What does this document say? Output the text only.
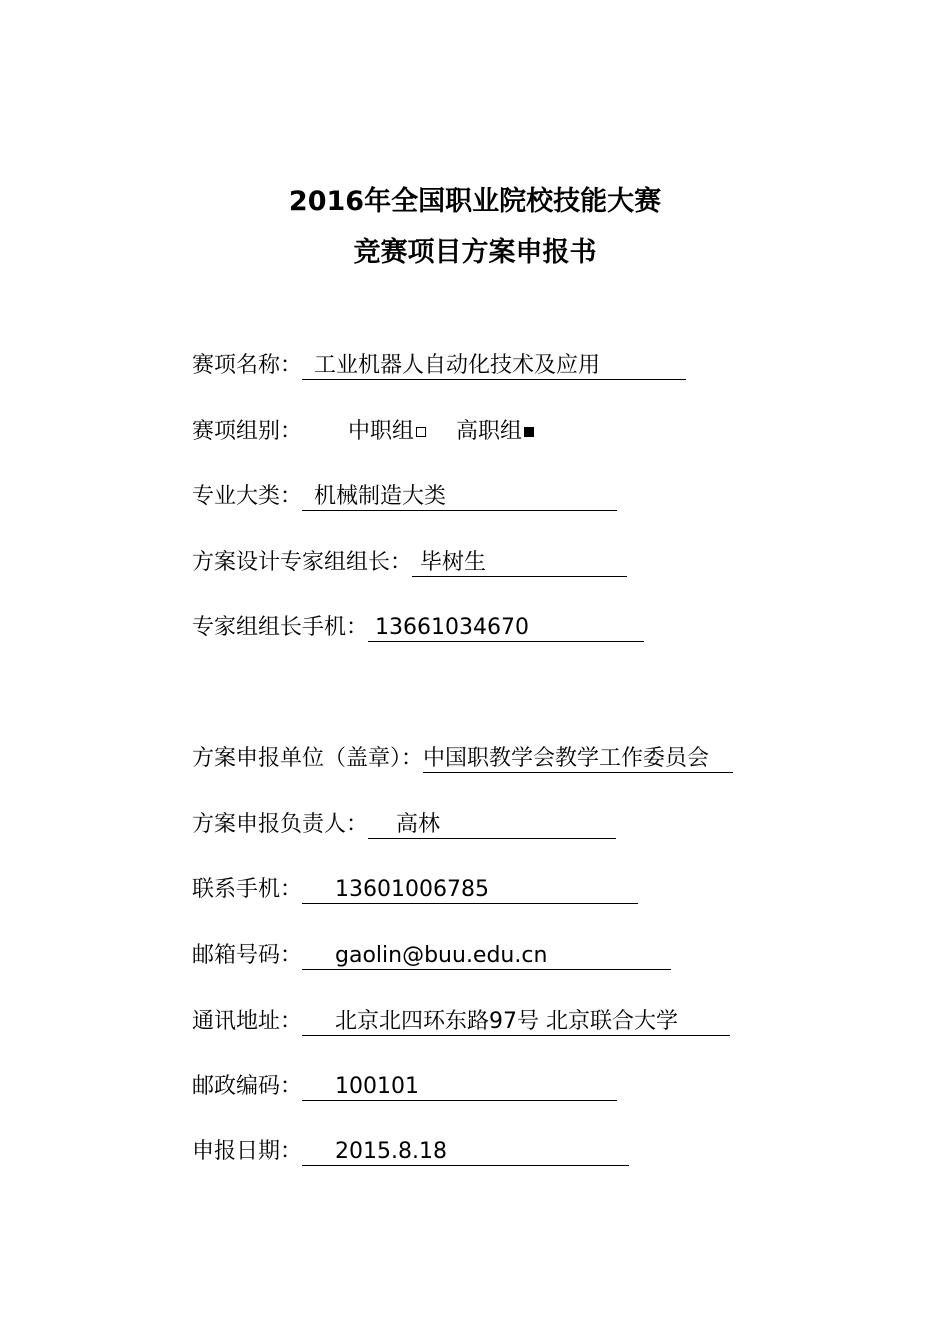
2016年全国职业院校技能大赛
竞赛项目方案申报书
赛项名称： 工业机器人自动化技术及应用
赛项组别： 中职组 高职组
专业大类： 机械制造大类
方案设计专家组组长： 毕树生
专家组组长手机： 13661034670
方案申报单位（盖章）：中国职教学会教学工作委员会
方案申报负责人： 高林
联系手机： 13601006785
邮箱号码： gaolin@buu.edu.cn
通讯地址： 北京北四环东路97号 北京联合大学
邮政编码： 100101
申报日期： 2015.8.18
